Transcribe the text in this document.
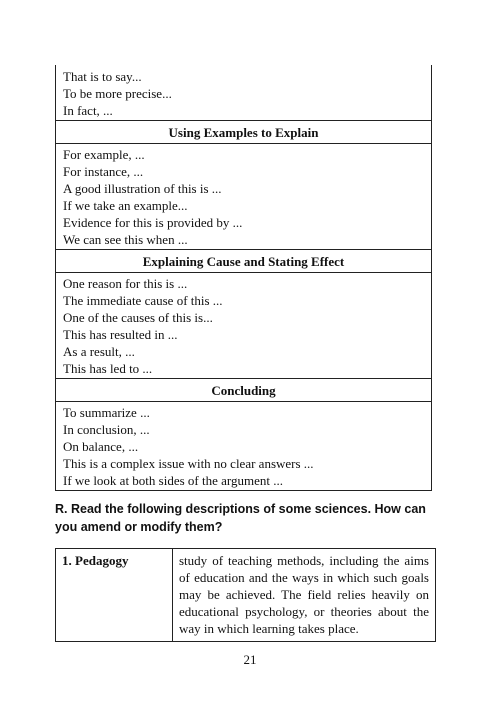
That is to say...
To be more precise...
In fact, ...
Using Examples to Explain
For example, ...
For instance, ...
A good illustration of this is ...
If we take an example...
Evidence for this is provided by ...
We can see this when ...
Explaining Cause and Stating Effect
One reason for this is ...
The immediate cause of this ...
One of the causes of this is...
This has resulted in ...
As a result, ...
This has led to ...
Concluding
To summarize ...
In conclusion, ...
On balance, ...
This is a complex issue with no clear answers ...
If we look at both sides of the argument ...

R. Read the following descriptions of some sciences. How can you amend or modify them?

1. Pedagogy	study of teaching methods, including the aims of education and the ways in which such goals may be achieved. The field relies heavily on educational psychology, or theories about the way in which learning takes place.
21
